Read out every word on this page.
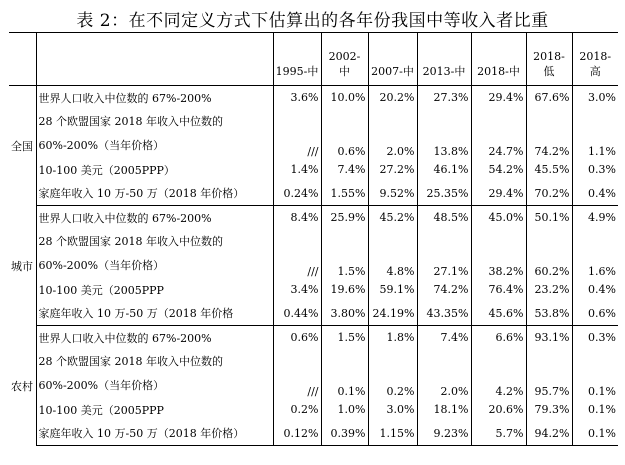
表 2：在不同定义方式下估算出的各年份我国中等收入者比重
		1995-中	2002-中	2007-中	2013-中	2018-中	2018-低	2018-高
全国	世界人口收入中位数的 67%-200%	3.6%	10.0%	20.2%	27.3%	29.4%	67.6%	3.0%
	28 个欧盟国家 2018 年收入中位数的 60%-200%（当年价格）	///	0.6%	2.0%	13.8%	24.7%	74.2%	1.1%
	10-100 美元（2005PPP）	1.4%	7.4%	27.2%	46.1%	54.2%	45.5%	0.3%
	家庭年收入 10 万-50 万（2018 年价格）	0.24%	1.55%	9.52%	25.35%	29.4%	70.2%	0.4%
城市	世界人口收入中位数的 67%-200%	8.4%	25.9%	45.2%	48.5%	45.0%	50.1%	4.9%
	28 个欧盟国家 2018 年收入中位数的 60%-200%（当年价格）	///	1.5%	4.8%	27.1%	38.2%	60.2%	1.6%
	10-100 美元（2005PPP	3.4%	19.6%	59.1%	74.2%	76.4%	23.2%	0.4%
	家庭年收入 10 万-50 万（2018 年价格	0.44%	3.80%	24.19%	43.35%	45.6%	53.8%	0.6%
农村	世界人口收入中位数的 67%-200%	0.6%	1.5%	1.8%	7.4%	6.6%	93.1%	0.3%
	28 个欧盟国家 2018 年收入中位数的 60%-200%（当年价格）	///	0.1%	0.2%	2.0%	4.2%	95.7%	0.1%
	10-100 美元（2005PPP	0.2%	1.0%	3.0%	18.1%	20.6%	79.3%	0.1%
	家庭年收入 10 万-50 万（2018 年价格）	0.12%	0.39%	1.15%	9.23%	5.7%	94.2%	0.1%
